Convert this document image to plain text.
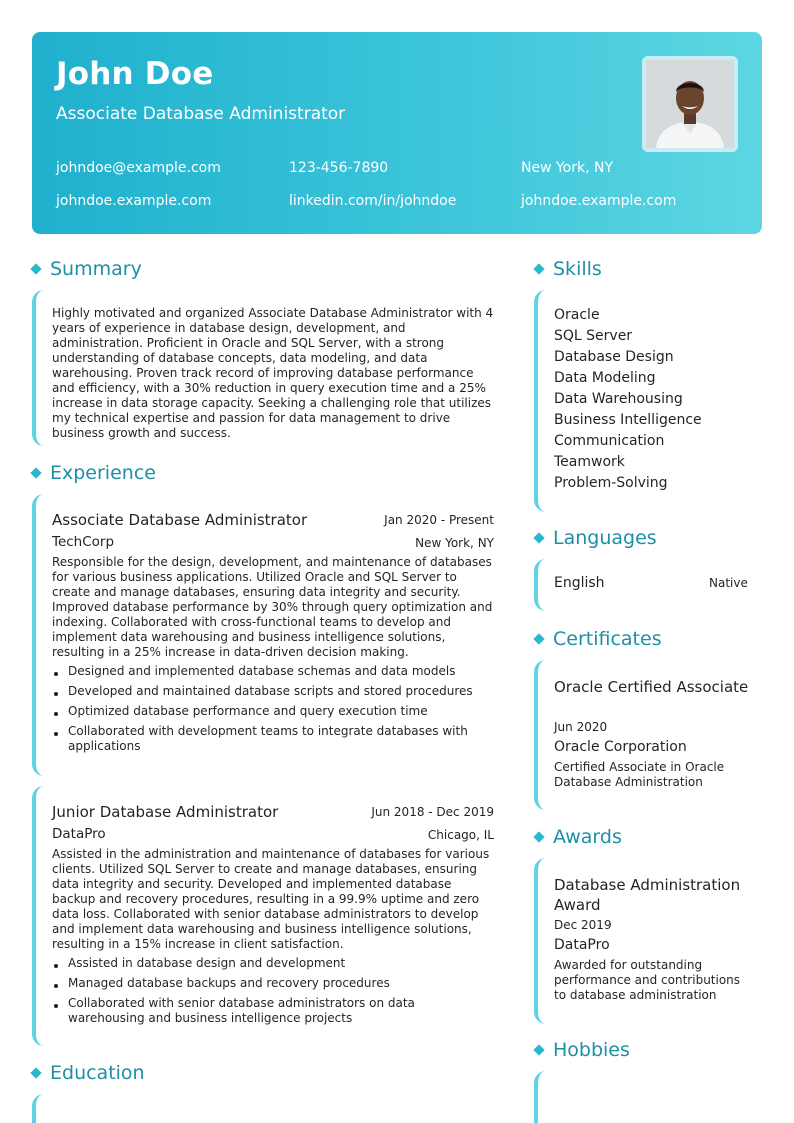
John Doe
Associate Database Administrator
johndoe@example.com	123-456-7890	New York, NY
johndoe.example.com	linkedin.com/in/johndoe	johndoe.example.com
Summary
Highly motivated and organized Associate Database Administrator with 4 years of experience in database design, development, and administration. Proficient in Oracle and SQL Server, with a strong understanding of database concepts, data modeling, and data warehousing. Proven track record of improving database performance and efficiency, with a 30% reduction in query execution time and a 25% increase in data storage capacity. Seeking a challenging role that utilizes my technical expertise and passion for data management to drive business growth and success.
Experience
Associate Database Administrator	Jan 2020 - Present
TechCorp	New York, NY
Responsible for the design, development, and maintenance of databases for various business applications. Utilized Oracle and SQL Server to create and manage databases, ensuring data integrity and security. Improved database performance by 30% through query optimization and indexing. Collaborated with cross-functional teams to develop and implement data warehousing and business intelligence solutions, resulting in a 25% increase in data-driven decision making.
Designed and implemented database schemas and data models
Developed and maintained database scripts and stored procedures
Optimized database performance and query execution time
Collaborated with development teams to integrate databases with applications
Junior Database Administrator	Jun 2018 - Dec 2019
DataPro	Chicago, IL
Assisted in the administration and maintenance of databases for various clients. Utilized SQL Server to create and manage databases, ensuring data integrity and security. Developed and implemented database backup and recovery procedures, resulting in a 99.9% uptime and zero data loss. Collaborated with senior database administrators to develop and implement data warehousing and business intelligence solutions, resulting in a 15% increase in client satisfaction.
Assisted in database design and development
Managed database backups and recovery procedures
Collaborated with senior database administrators on data warehousing and business intelligence projects
Education
Skills
Oracle
SQL Server
Database Design
Data Modeling
Data Warehousing
Business Intelligence
Communication
Teamwork
Problem-Solving
Languages
English	Native
Certificates
Oracle Certified Associate
Jun 2020
Oracle Corporation
Certified Associate in Oracle Database Administration
Awards
Database Administration Award
Dec 2019
DataPro
Awarded for outstanding performance and contributions to database administration
Hobbies
